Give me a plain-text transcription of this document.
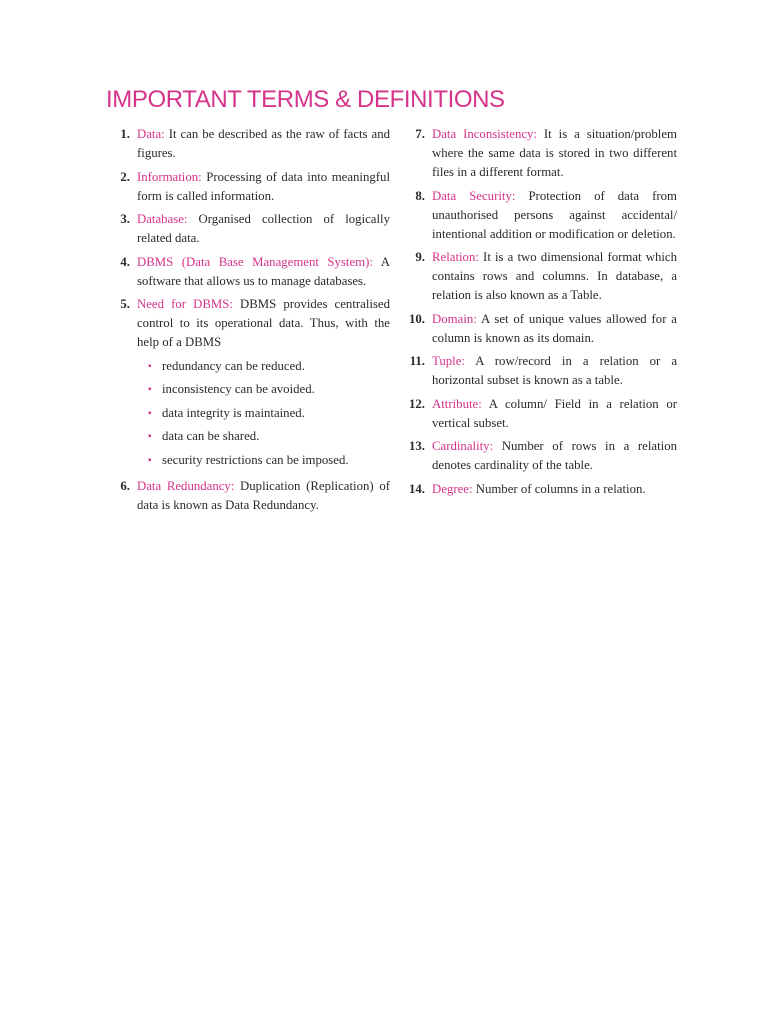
IMPORTANT TERMS & DEFINITIONS
1. Data: It can be described as the raw of facts and figures.
2. Information: Processing of data into meaningful form is called information.
3. Database: Organised collection of logically related data.
4. DBMS (Data Base Management System): A software that allows us to manage databases.
5. Need for DBMS: DBMS provides centralised control to its operational data. Thus, with the help of a DBMS
▪ redundancy can be reduced.
▪ inconsistency can be avoided.
▪ data integrity is maintained.
▪ data can be shared.
▪ security restrictions can be imposed.
6. Data Redundancy: Duplication (Replication) of data is known as Data Redundancy.
7. Data Inconsistency: It is a situation/problem where the same data is stored in two different files in a different format.
8. Data Security: Protection of data from unauthorised persons against accidental/ intentional addition or modification or deletion.
9. Relation: It is a two dimensional format which contains rows and columns. In database, a relation is also known as a Table.
10. Domain: A set of unique values allowed for a column is known as its domain.
11. Tuple: A row/record in a relation or a horizontal subset is known as a table.
12. Attribute: A column/ Field in a relation or vertical subset.
13. Cardinality: Number of rows in a relation denotes cardinality of the table.
14. Degree: Number of columns in a relation.
